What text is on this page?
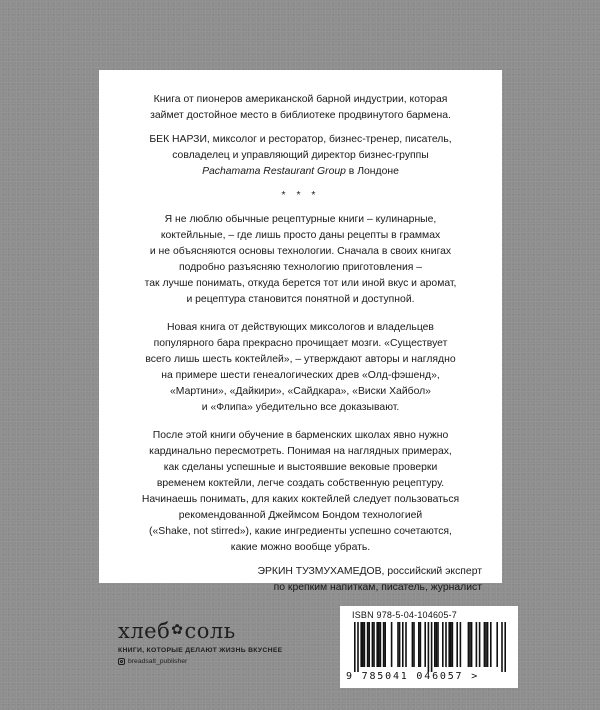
Книга от пионеров американской барной индустрии, которая
займет достойное место в библиотеке продвинутого бармена.

БЕК НАРЗИ, миксолог и ресторатор, бизнес-тренер, писатель,
совладелец и управляющий директор бизнес-группы
Pachamama Restaurant Group в Лондоне

* * *

Я не люблю обычные рецептурные книги – кулинарные,
коктейльные, – где лишь просто даны рецепты в граммах
и не объясняются основы технологии. Сначала в своих книгах
подробно разъясняю технологию приготовления –
так лучше понимать, откуда берется тот или иной вкус и аромат,
и рецептура становится понятной и доступной.

Новая книга от действующих миксологов и владельцев
популярного бара прекрасно прочищает мозги. «Существует
всего лишь шесть коктейлей», – утверждают авторы и наглядно
на примере шести генеалогических древ «Олд-фэшенд»,
«Мартини», «Дайкири», «Сайдкара», «Виски Хайбол»
и «Флипа» убедительно все доказывают.

После этой книги обучение в барменских школах явно нужно
кардинально пересмотреть. Понимая на наглядных примерах,
как сделаны успешные и выстоявшие вековые проверки
временем коктейли, легче создать собственную рецептуру.
Начинаешь понимать, для каких коктейлей следует пользоваться
рекомендованной Джеймсом Бондом технологией
(«Shake, not stirred»), какие ингредиенты успешно сочетаются,
какие можно вообще убрать.

ЭРКИН ТУЗМУХАМЕДОВ, российский эксперт
по крепким напиткам, писатель, журналист

хлеб ✿ соль
КНИГИ, КОТОРЫЕ ДЕЛАЮТ ЖИЗНЬ ВКУСНЕЕ
breadsalt_publisher
ISBN 978-5-04-104605-7
9 785041 046057 >
